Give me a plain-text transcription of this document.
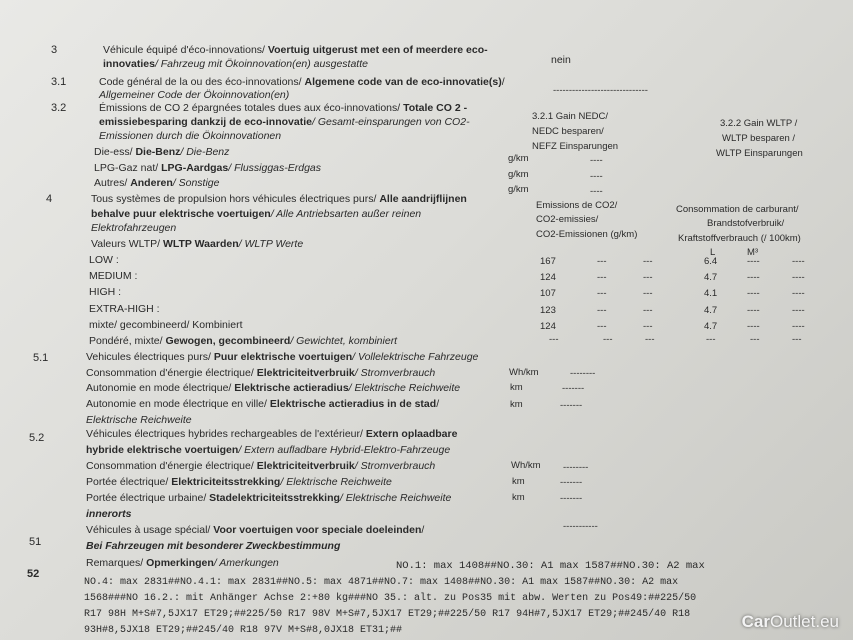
3	Véhicule équipé d'éco-innovations/ Voertuig uitgerust met een of meerdere eco-
innovaties/ Fahrzeug mit Ökoinnovation(en) ausgestatte	nein
3.1	Code général de la ou des éco-innovations/ Algemene code van de eco-innovatie(s)/
Allgemeiner Code der Ökoinnovation(en)	------------------------------
3.2	Émissions de CO 2 épargnées totales dues aux éco-innovations/ Totale CO 2 -
emissiebesparing dankzij de eco-innovatie/ Gesamt-einsparungen von CO2-
Emissionen durch die Ökoinnovationen
3.2.1 Gain NEDC/
NEDC besparen/
NEFZ Einsparungen
3.2.2 Gain WLTP /
WLTP besparen /
WLTP Einsparungen
Die-ess/ Die-Benz/ Die-Benz
g/km	----
LPG-Gaz nat/ LPG-Aardgas/ Flussiggas-Erdgas
g/km	----
Autres/ Anderen/ Sonstige
g/km	----
4	Tous systèmes de propulsion hors véhicules électriques purs/ Alle aandrijflijnen
behalve puur elektrische voertuigen/ Alle Antriebsarten außer reinen
Elektrofahrzeugen
Valeurs WLTP/ WLTP Waarden/ WLTP Werte
Emissions de CO2/
CO2-emissies/
CO2-Emissionen (g/km)
Consommation de carburant/
Brandstofverbruik/
Kraftstoffverbrauch (/ 100km)
L	M³
LOW :	167	---	---	6.4	----	----
MEDIUM :	124	---	---	4.7	----	----
HIGH :	107	---	---	4.1	----	----
EXTRA-HIGH :	123	---	---	4.7	----	----
mixte/ gecombineerd/ Kombiniert	124	---	---	4.7	----	----
Pondéré, mixte/ Gewogen, gecombineerd/ Gewichtet, kombiniert	---	---	---	---	---	---
5.1	Vehicules électriques purs/ Puur elektrische voertuigen/ Vollelektrische Fahrzeuge
Consommation d'énergie électrique/ Elektriciteitverbruik/ Stromverbrauch	Wh/km	--------
Autonomie en mode électrique/ Elektrische actieradius/ Elektrische Reichweite	km	-------
Autonomie en mode électrique en ville/ Elektrische actieradius in de stad/	km	-------
Elektrische Reichweite
5.2	Véhicules électriques hybrides rechargeables de l'extérieur/ Extern oplaadbare
hybride elektrische voertuigen/ Extern aufladbare Hybrid-Elektro-Fahrzeuge
Consommation d'énergie électrique/ Elektriciteitverbruik/ Stromverbrauch	Wh/km --------
Portée électrique/ Elektriciteitsstrekking/ Elektrische Reichweite	km	-------
Portée électrique urbaine/ Stadelektriciteitsstrekking/ Elektrische Reichweite	km	-------
innerorts
51
Véhicules à usage spécial/ Voor voertuigen voor speciale doeleinden/	-----------
Bei Fahrzeugen mit besonderer Zweckbestimmung
52
Remarques/ Opmerkingen/ Amerkungen	NO.1: max 1408##NO.30: A1 max 1587##NO.30: A2 max
NO.4: max 2831##NO.4.1: max 2831##NO.5: max 4871##NO.7: max 1408##NO.30: A1 max 1587##NO.30: A2 max
1568###NO 16.2.: mit Anhänger Achse 2:+80 kg###NO 35.: alt. zu Pos35 mit abw. Werten zu Pos49:##225/50
R17 98H M+S#7,5JX17 ET29;##225/50 R17 98V M+S#7,5JX17 ET29;##225/50 R17 94H#7,5JX17 ET29;##245/40 R18
93H#8,5JX18 ET29;##245/40 R18 97V M+S#8,0JX18 ET31;##	CarOutlet.eu
